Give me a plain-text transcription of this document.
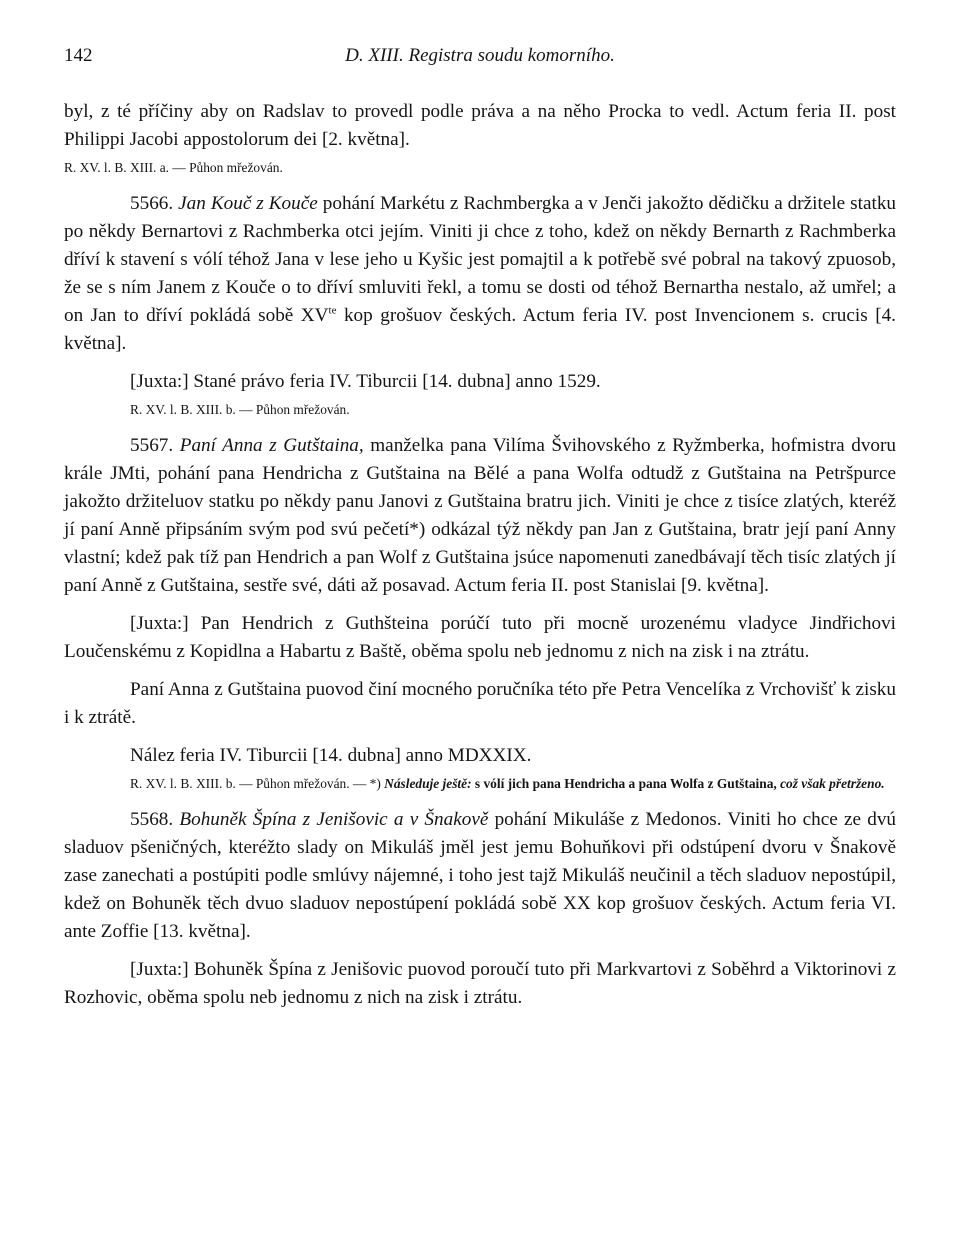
142	D. XIII. Registra soudu komorního.

byl, z té příčiny aby on Radslav to provedl podle práva a na něho Procka to vedl. Actum feria II. post Philippi Jacobi appostolorum dei [2. května].

R. XV. l. B. XIII. a. — Půhon mřežován.

5566. Jan Kouč z Kouče pohání Markétu z Rachmbergka a v Jenči jakožto dědičku a držitele statku po někdy Bernartovi z Rachmberka otci jejím. Viniti ji chce z toho, kdež on někdy Bernarth z Rachmberka dříví k stavení s vólí téhož Jana v lese jeho u Kyšic jest pomajtil a k potřebě své pobral na takový zpuosob, že se s ním Janem z Kouče o to dříví smluviti řekl, a tomu se dosti od téhož Bernartha nestalo, až umřel; a on Jan to dříví pokládá sobě $XV^{te}$ kop grošuov českých. Actum feria IV. post Invencionem s. crucis [4. května].

[Juxta:] Stané právo feria IV. Tiburcii [14. dubna] anno 1529.

R. XV. l. B. XIII. b. — Půhon mřežován.

5567. Paní Anna z Gutštaina, manželka pana Vilíma Švihovského z Ryžmberka, hofmistra dvoru krále JMti, pohání pana Hendricha z Gutštaina na Bělé a pana Wolfa odtudž z Gutštaina na Petršpurce jakožto držiteluov statku po někdy panu Janovi z Gutštaina bratru jich. Viniti je chce z tisíce zlatých, kteréž jí paní Anně připsáním svým pod svú pečetí*) odkázal týž někdy pan Jan z Gutštaina, bratr její paní Anny vlastní; kdež pak tíž pan Hendrich a pan Wolf z Gutštaina jsúce napomenuti zanedbávají těch tisíc zlatých jí paní Anně z Gutštaina, sestře své, dáti až posavad. Actum feria II. post Stanislai [9. května].

[Juxta:] Pan Hendrich z Guthšteina porúčí tuto při mocně urozenému vladyce Jindřichovi Loučenskému z Kopidlna a Habartu z Baště, oběma spolu neb jednomu z nich na zisk i na ztrátu.

Paní Anna z Gutštaina puovod činí mocného poručníka této pře Petra Vencelíka z Vrchovišť k zisku i k ztrátě.

Nález feria IV. Tiburcii [14. dubna] anno MDXXIX.

R. XV. l. B. XIII. b. — Půhon mřežován. — *) Následuje ještě: s vólí jich pana Hendricha a pana Wolfa z Gutštaina, což však přetrženo.

5568. Bohuněk Špína z Jenišovic a v Šnakově pohání Mikuláše z Medonos. Viniti ho chce ze dvú sladuov pšeničných, kteréžto slady on Mikuláš jměl jest jemu Bohuňkovi při odstúpení dvoru v Šnakově zase zanechati a postúpiti podle smlúvy nájemné, i toho jest tajž Mikuláš neučinil a těch sladuov nepostúpil, kdež on Bohuněk těch dvuo sladuov nepostúpení pokládá sobě XX kop grošuov českých. Actum feria VI. ante Zoffie [13. května].

[Juxta:] Bohuněk Špína z Jenišovic puovod poroučí tuto při Markvartovi z Soběhrd a Viktorinovi z Rozhovic, oběma spolu neb jednomu z nich na zisk i ztrátu.
